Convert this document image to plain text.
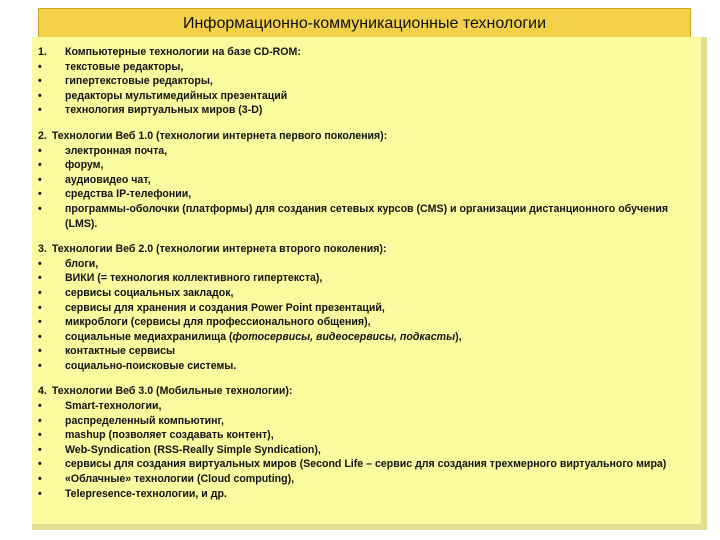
Информационно-коммуникационные технологии
1.	Компьютерные технологии на базе CD-ROM:
•	текстовые редакторы,
•	гипертекстовые редакторы,
•	редакторы мультимедийных презентаций
•	технология виртуальных миров (3-D)
2. Технологии Веб 1.0 (технологии интернета первого поколения):
•	электронная почта,
•	форум,
•	аудиовидео чат,
•	средства IP-телефонии,
•	программы-оболочки (платформы) для создания сетевых курсов (CMS) и организации дистанционного обучения (LMS).
3. Технологии Веб 2.0 (технологии интернета второго поколения):
•	блоги,
•	ВИКИ (= технология коллективного гипертекста),
•	сервисы социальных закладок,
•	сервисы для хранения и создания Power Point презентаций,
•	микроблоги (сервисы для профессионального общения),
•	социальные медиахранилища (фотосервисы, видеосервисы, подкасты),
•	контактные сервисы
•	социально-поисковые системы.
4. Технологии Веб 3.0 (Мобильные технологии):
•	Smart-технологии,
•	распределенный компьютинг,
•	mashup (позволяет создавать контент),
•	Web-Syndication (RSS-Really Simple Syndication),
•	сервисы для создания виртуальных миров (Second Life – сервис для создания трехмерного виртуального мира)
•	«Облачные» технологии (Cloud computing),
•	Telepresence-технологии, и др.
